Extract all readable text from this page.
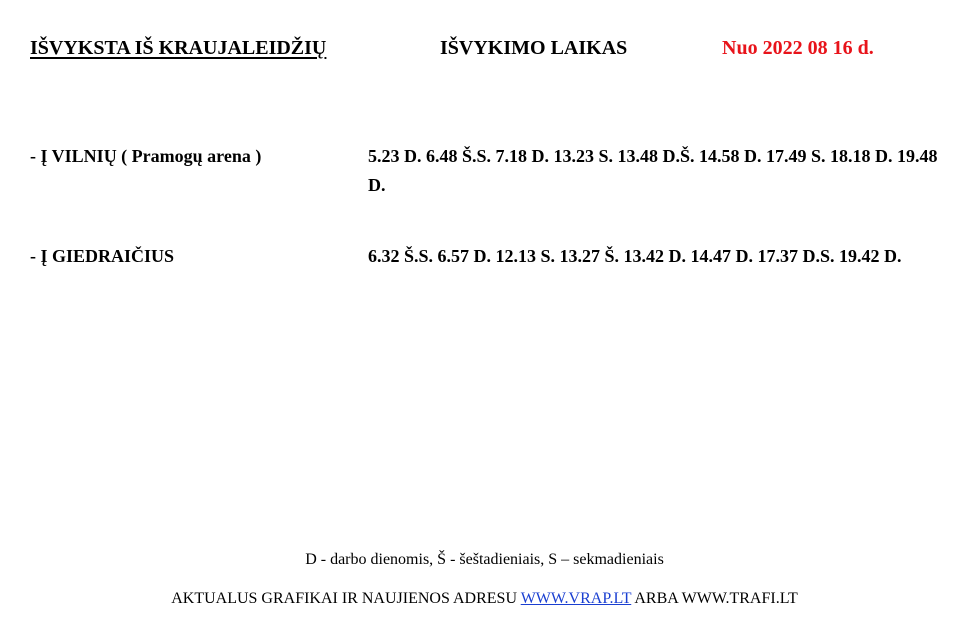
IŠVYKSTA IŠ KRAUJALEIDŽIŲ	IŠVYKIMO LAIKAS	Nuo 2022 08 16 d.
- Į VILNIŲ ( Pramogų arena )	5.23 D. 6.48 Š.S. 7.18 D. 13.23 S. 13.48 D.Š. 14.58 D. 17.49 S. 18.18 D. 19.48 D.
- Į GIEDRAIČIUS	6.32 Š.S. 6.57 D. 12.13 S. 13.27 Š. 13.42 D. 14.47 D. 17.37 D.S. 19.42 D.
D - darbo dienomis, Š - šeštadieniais, S – sekmadieniais
AKTUALUS GRAFIKAI IR NAUJIENOS ADRESU WWW.VRAP.LT ARBA WWW.TRAFI.LT
